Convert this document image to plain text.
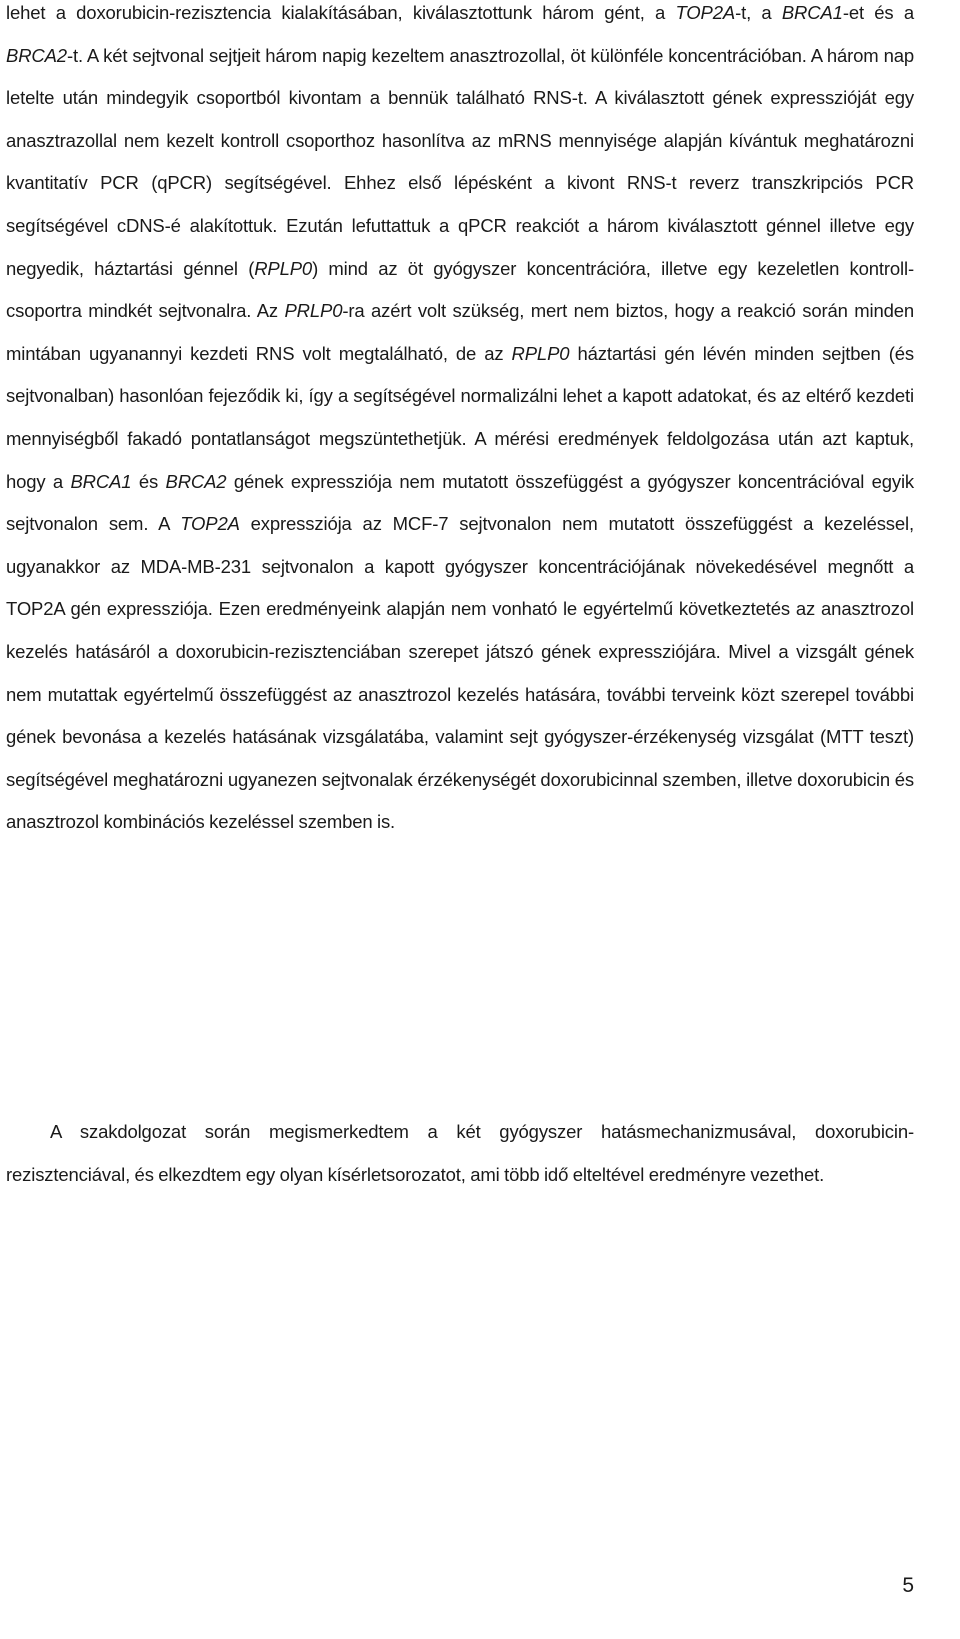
lehet a doxorubicin-rezisztencia kialakításában, kiválasztottunk három gént, a TOP2A-t, a BRCA1-et és a BRCA2-t. A két sejtvonal sejtjeit három napig kezeltem anasztrozollal, öt különféle koncentrációban. A három nap letelte után mindegyik csoportból kivontam a bennük található RNS-t. A kiválasztott gének expresszióját egy anasztrazollal nem kezelt kontroll csoporthoz hasonlítva az mRNS mennyisége alapján kívántuk meghatározni kvantitatív PCR (qPCR) segítségével. Ehhez első lépésként a kivont RNS-t reverz transzkripciós PCR segítségével cDNS-é alakítottuk. Ezután lefuttattuk a qPCR reakciót a három kiválasztott génnel illetve egy negyedik, háztartási génnel (RPLP0) mind az öt gyógyszer koncentrációra, illetve egy kezeletlen kontroll-csoportra mindkét sejtvonalra. Az PRLP0-ra azért volt szükség, mert nem biztos, hogy a reakció során minden mintában ugyanannyi kezdeti RNS volt megtalálható, de az RPLP0 háztartási gén lévén minden sejtben (és sejtvonalban) hasonlóan fejeződik ki, így a segítségével normalizálni lehet a kapott adatokat, és az eltérő kezdeti mennyiségből fakadó pontatlanságot megszüntethetjük. A mérési eredmények feldolgozása után azt kaptuk, hogy a BRCA1 és BRCA2 gének expressziója nem mutatott összefüggést a gyógyszer koncentrációval egyik sejtvonalon sem. A TOP2A expressziója az MCF-7 sejtvonalon nem mutatott összefüggést a kezeléssel, ugyanakkor az MDA-MB-231 sejtvonalon a kapott gyógyszer koncentrációjának növekedésével megnőtt a TOP2A gén expressziója. Ezen eredményeink alapján nem vonható le egyértelmű következtetés az anasztrozol kezelés hatásáról a doxorubicin-rezisztenciában szerepet játszó gének expressziójára. Mivel a vizsgált gének nem mutattak egyértelmű összefüggést az anasztrozol kezelés hatására, további terveink közt szerepel további gének bevonása a kezelés hatásának vizsgálatába, valamint sejt gyógyszer-érzékenység vizsgálat (MTT teszt) segítségével meghatározni ugyanezen sejtvonalak érzékenységét doxorubicinnal szemben, illetve doxorubicin és anasztrozol kombinációs kezeléssel szemben is.

A szakdolgozat során megismerkedtem a két gyógyszer hatásmechanizmusával, doxorubicin-rezisztenciával, és elkezdtem egy olyan kísérletsorozatot, ami több idő elteltével eredményre vezethet.

5
